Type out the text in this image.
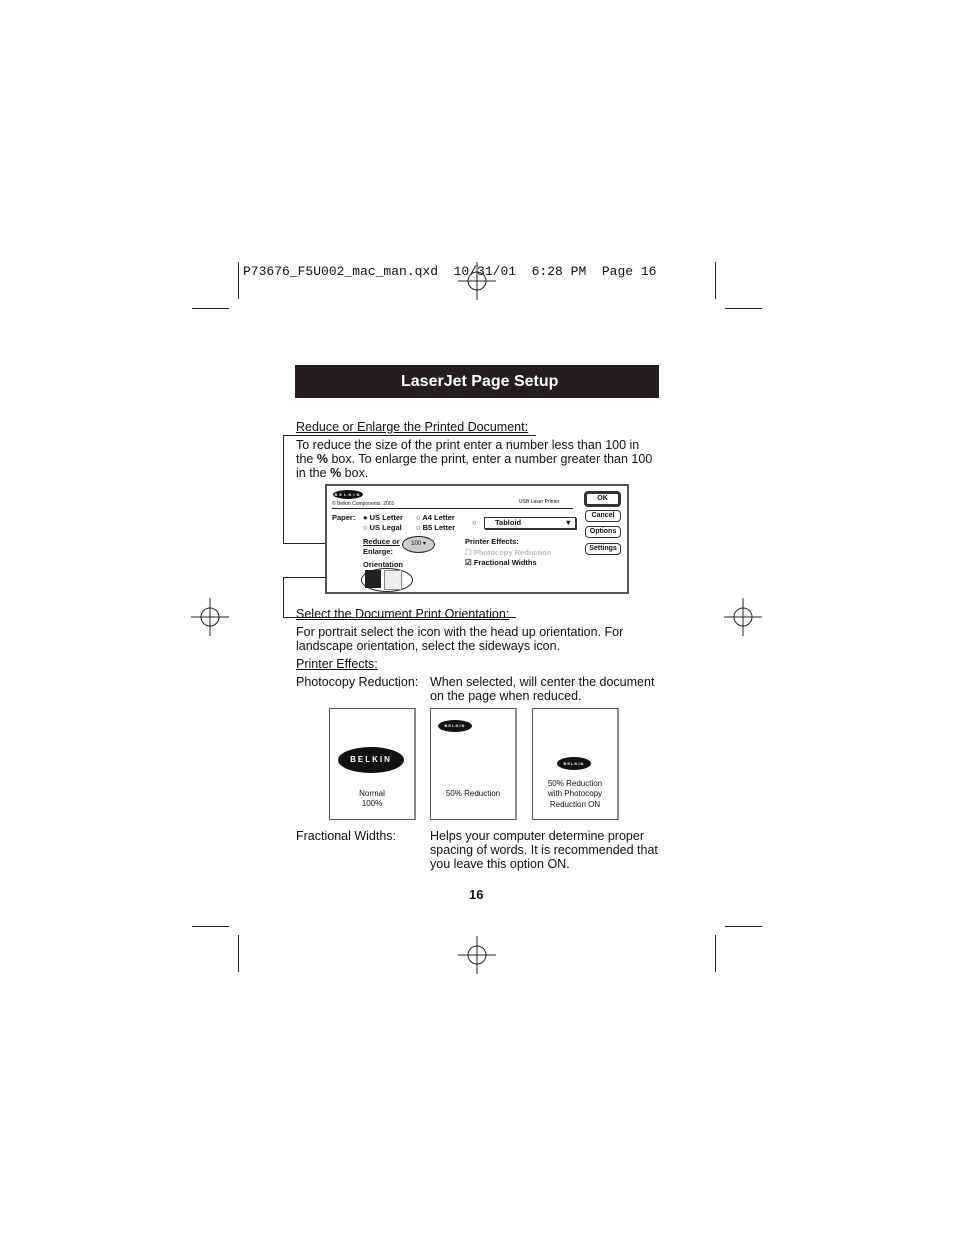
P73676_F5U002_mac_man.qxd  10/31/01  6:28 PM  Page 16
LaserJet Page Setup
Reduce or Enlarge the Printed Document:
To reduce the size of the print enter a number less than 100 in the % box. To enlarge the print, enter a number greater than 100 in the % box.
BELKIN
© Belkin Components, 2001	USB Laser Printer
Paper: ● US Letter ○ A4 Letter
○ US Legal ○ B5 Letter
○	Tabloid	▼
Reduce or
Enlarge:
100 ▾
Orientation
Printer Effects:
☐ Photocopy Reduction
☑ Fractional Widths
OK
Cancel
Options
Settings
Select the Document Print Orientation:
For portrait select the icon with the head up orientation. For landscape orientation, select the sideways icon.
Printer Effects:
Photocopy Reduction: When selected, will center the document on the page when reduced.
BELKIN
Normal
100%
BELKIN
50% Reduction
BELKIN
50% Reduction
with Photocopy
Reduction ON
Fractional Widths:	Helps your computer determine proper spacing of words. It is recommended that you leave this option ON.
16
